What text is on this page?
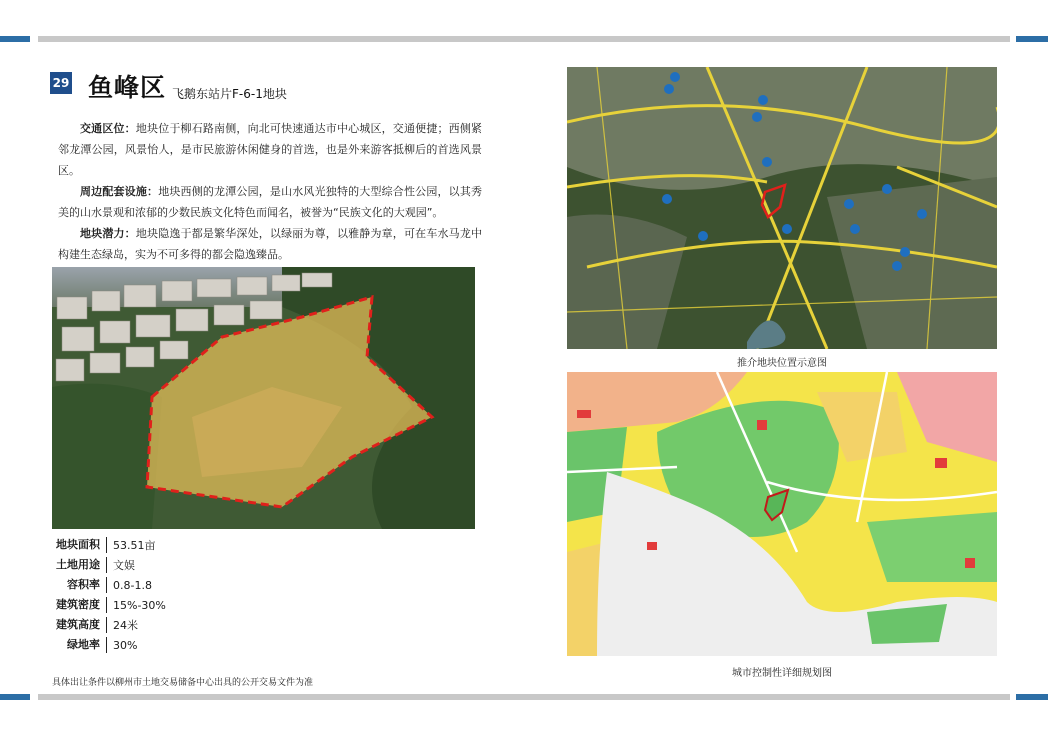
29 鱼峰区 飞鹅东站片F-6-1地块

交通区位：地块位于柳石路南侧，向北可快速通达市中心城区，交通便捷；西侧紧邻龙潭公园，风景怡人，是市民旅游休闲健身的首选，也是外来游客抵柳后的首选风景区。

周边配套设施：地块西侧的龙潭公园，是山水风光独特的大型综合性公园，以其秀美的山水景观和浓郁的少数民族文化特色而闻名，被誉为“民族文化的大观园”。

地块潜力：地块隐逸于都是繁华深处，以绿丽为尊，以雅静为章，可在车水马龙中构建生态绿岛，实为不可多得的都会隐逸臻品。

地块面积	53.51亩
土地用途	文娱
容积率	0.8-1.8
建筑密度	15%-30%
建筑高度	24米
绿地率	30%
具体出让条件以柳州市土地交易储备中心出具的公开交易文件为准
推介地块位置示意图
城市控制性详细规划图
